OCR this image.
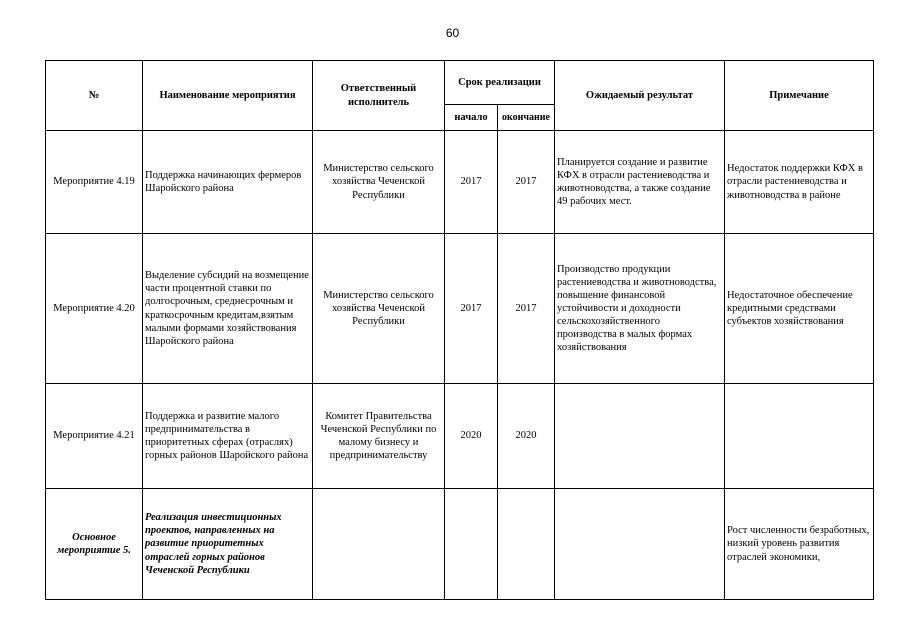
60
№	Наименование мероприятия	Ответственный исполнитель	Срок реализации		Ожидаемый результат	Примечание
			начало	окончание		
Мероприятие 4.19	Поддержка начинающих фермеров Шаройского района	Министерство сельского хозяйства Чеченской Республики	2017	2017	Планируется создание и развитие КФХ в отрасли растениеводства и животноводства, а также создание 49 рабочих мест.	Недостаток поддержки КФХ в отрасли растениеводства и животноводства в районе
Мероприятие 4.20	Выделение субсидий на возмещение части процентной ставки по долгосрочным, среднесрочным и краткосрочным кредитам,взятым малыми формами хозяйствования Шаройского района	Министерство сельского хозяйства Чеченской Республики	2017	2017	Производство продукции растениеводства и животноводства, повышение финансовой устойчивости и доходности сельскохозяйственного производства в малых формах хозяйствования	Недостаточное обеспечение кредитными средствами субъектов хозяйствования
Мероприятие 4.21	Поддержка и развитие малого предпринимательства в приоритетных сферах (отраслях) горных районов Шаройского района	Комитет Правительства Чеченской Республики по малому бизнесу и предпринимательству	2020	2020		
Основное мероприятие 5.	Реализация инвестиционных проектов, направленных на развитие приоритетных отраслей горных районов Чеченской Республики					Рост численности безработных, низкий уровень развития отраслей экономики,
